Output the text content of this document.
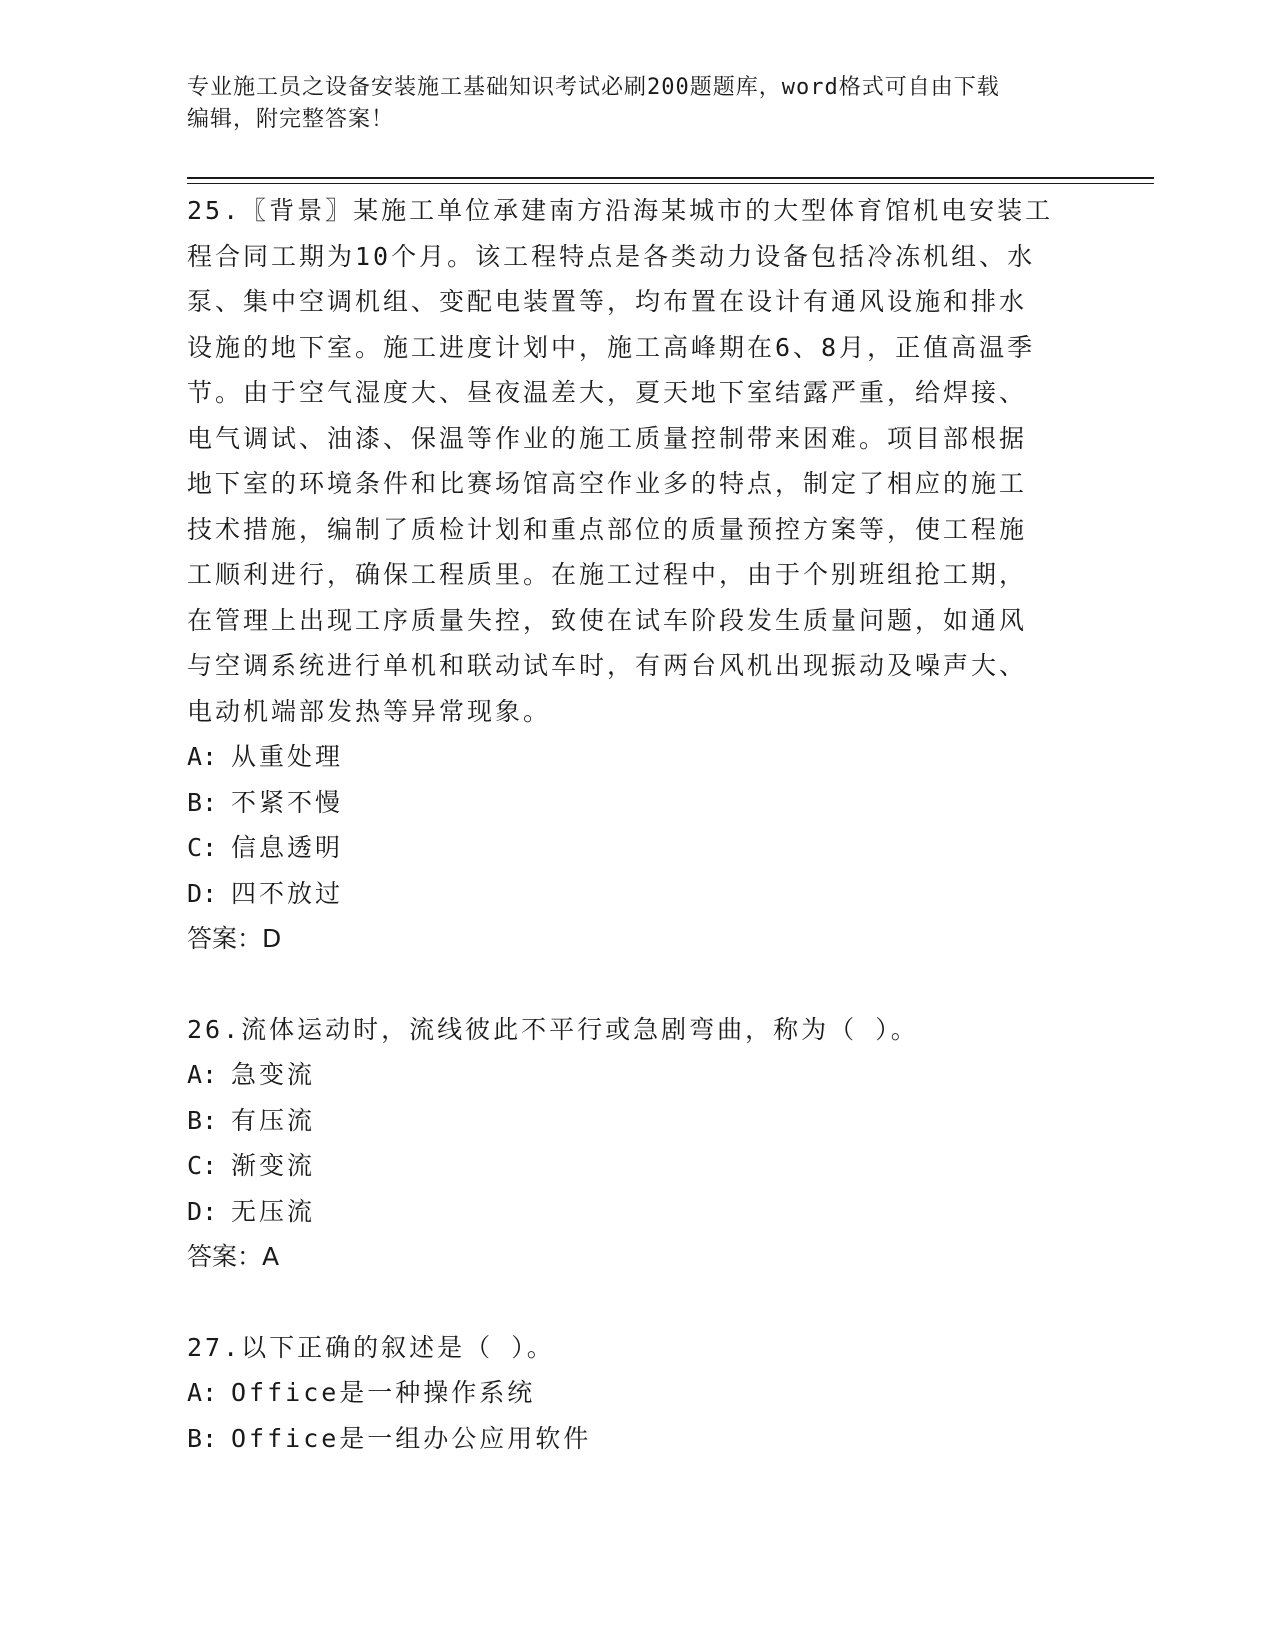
专业施工员之设备安装施工基础知识考试必刷200题题库，word格式可自由下载
编辑，附完整答案！
25.〖背景〗某施工单位承建南方沿海某城市的大型体育馆机电安装工
程合同工期为10个月。该工程特点是各类动力设备包括冷冻机组、水
泵、集中空调机组、变配电装置等，均布置在设计有通风设施和排水
设施的地下室。施工进度计划中，施工高峰期在6、8月，正值高温季
节。由于空气湿度大、昼夜温差大，夏天地下室结露严重，给焊接、
电气调试、油漆、保温等作业的施工质量控制带来困难。项目部根据
地下室的环境条件和比赛场馆高空作业多的特点，制定了相应的施工
技术措施，编制了质检计划和重点部位的质量预控方案等，使工程施
工顺利进行，确保工程质里。在施工过程中，由于个别班组抢工期，
在管理上出现工序质量失控，致使在试车阶段发生质量问题，如通风
与空调系统进行单机和联动试车时，有两台风机出现振动及噪声大、
电动机端部发热等异常现象。
A: 从重处理
B: 不紧不慢
C: 信息透明
D: 四不放过
答案：D
26.流体运动时，流线彼此不平行或急剧弯曲，称为（ ）。
A: 急变流
B: 有压流
C: 渐变流
D: 无压流
答案：A
27.以下正确的叙述是（ ）。
A: Office是一种操作系统
B: Office是一组办公应用软件
